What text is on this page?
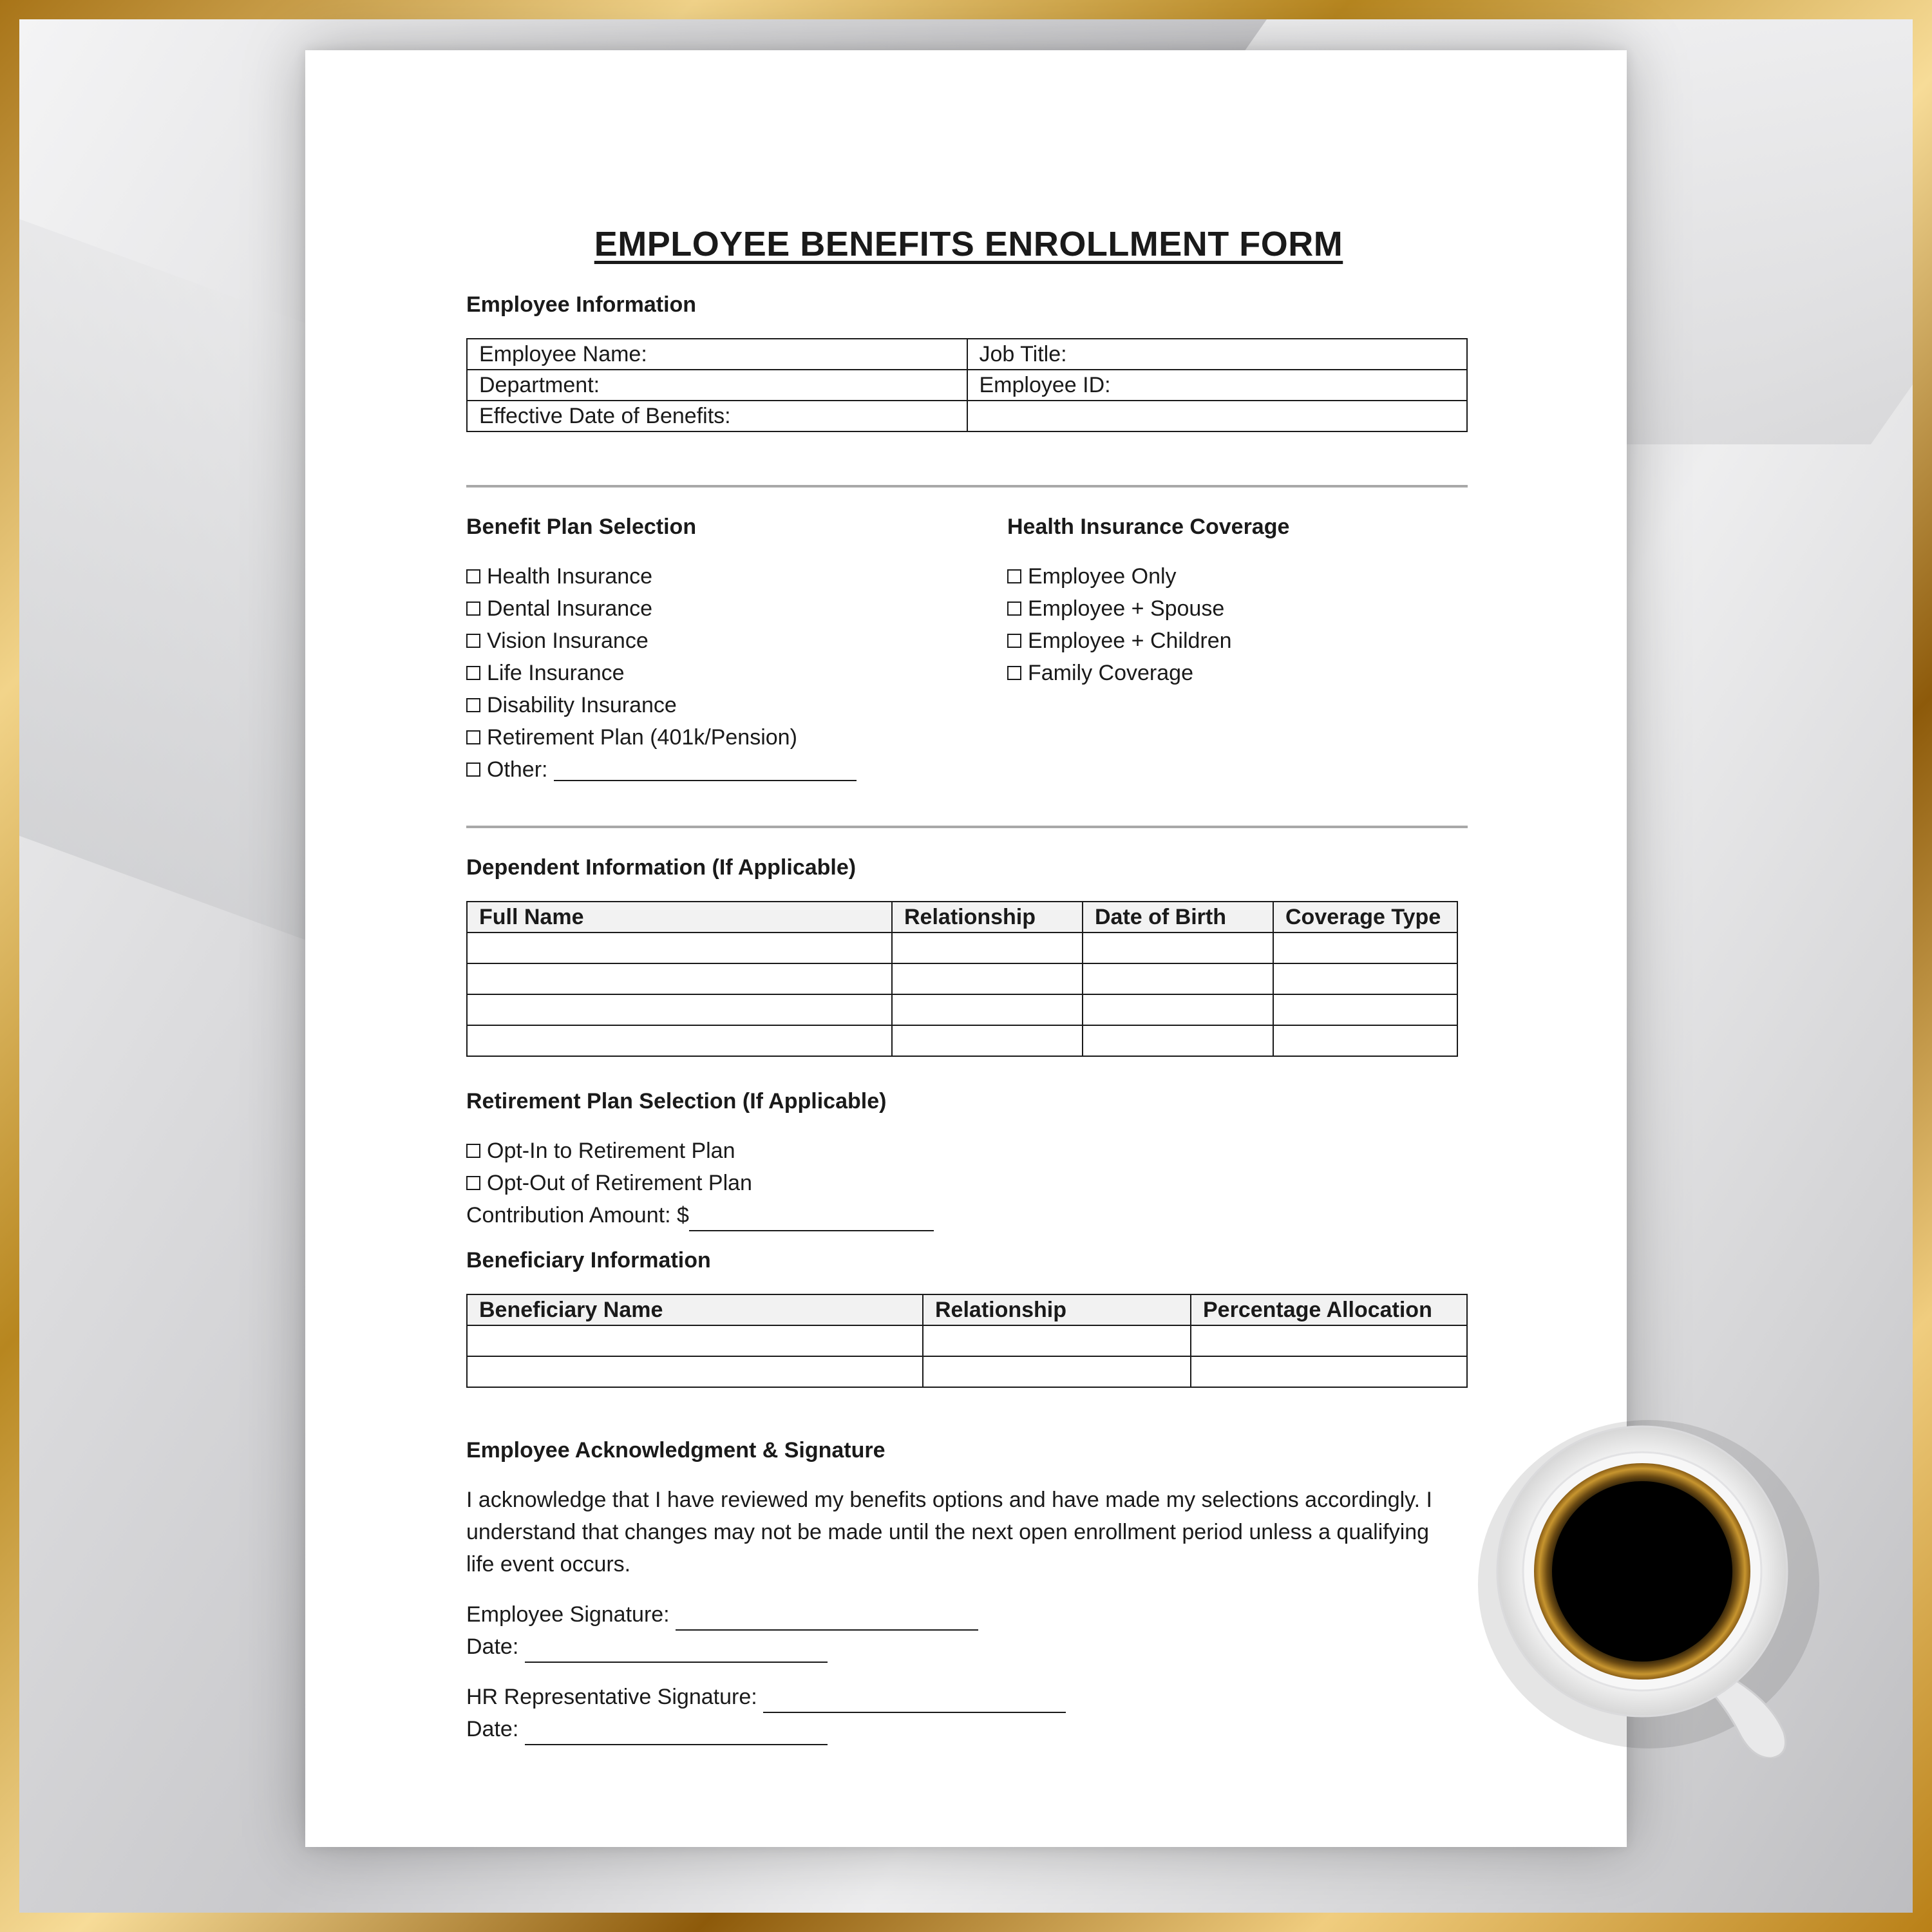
EMPLOYEE BENEFITS ENROLLMENT FORM
Employee Information
Employee Name:	Job Title:
Department:	Employee ID:
Effective Date of Benefits:	
Benefit Plan Selection
Health Insurance
Dental Insurance
Vision Insurance
Life Insurance
Disability Insurance
Retirement Plan (401k/Pension)
Other:

Health Insurance Coverage
Employee Only
Employee + Spouse
Employee + Children
Family Coverage
Dependent Information (If Applicable)
Full Name	Relationship	Date of Birth	Coverage Type

Retirement Plan Selection (If Applicable)
Opt-In to Retirement Plan
Opt-Out of Retirement Plan
Contribution Amount: $
Beneficiary Information
Beneficiary Name	Relationship	Percentage Allocation

Employee Acknowledgment & Signature
I acknowledge that I have reviewed my benefits options and have made my selections accordingly. I understand that changes may not be made until the next open enrollment period unless a qualifying life event occurs.
Employee Signature:
Date:
HR Representative Signature:
Date:
